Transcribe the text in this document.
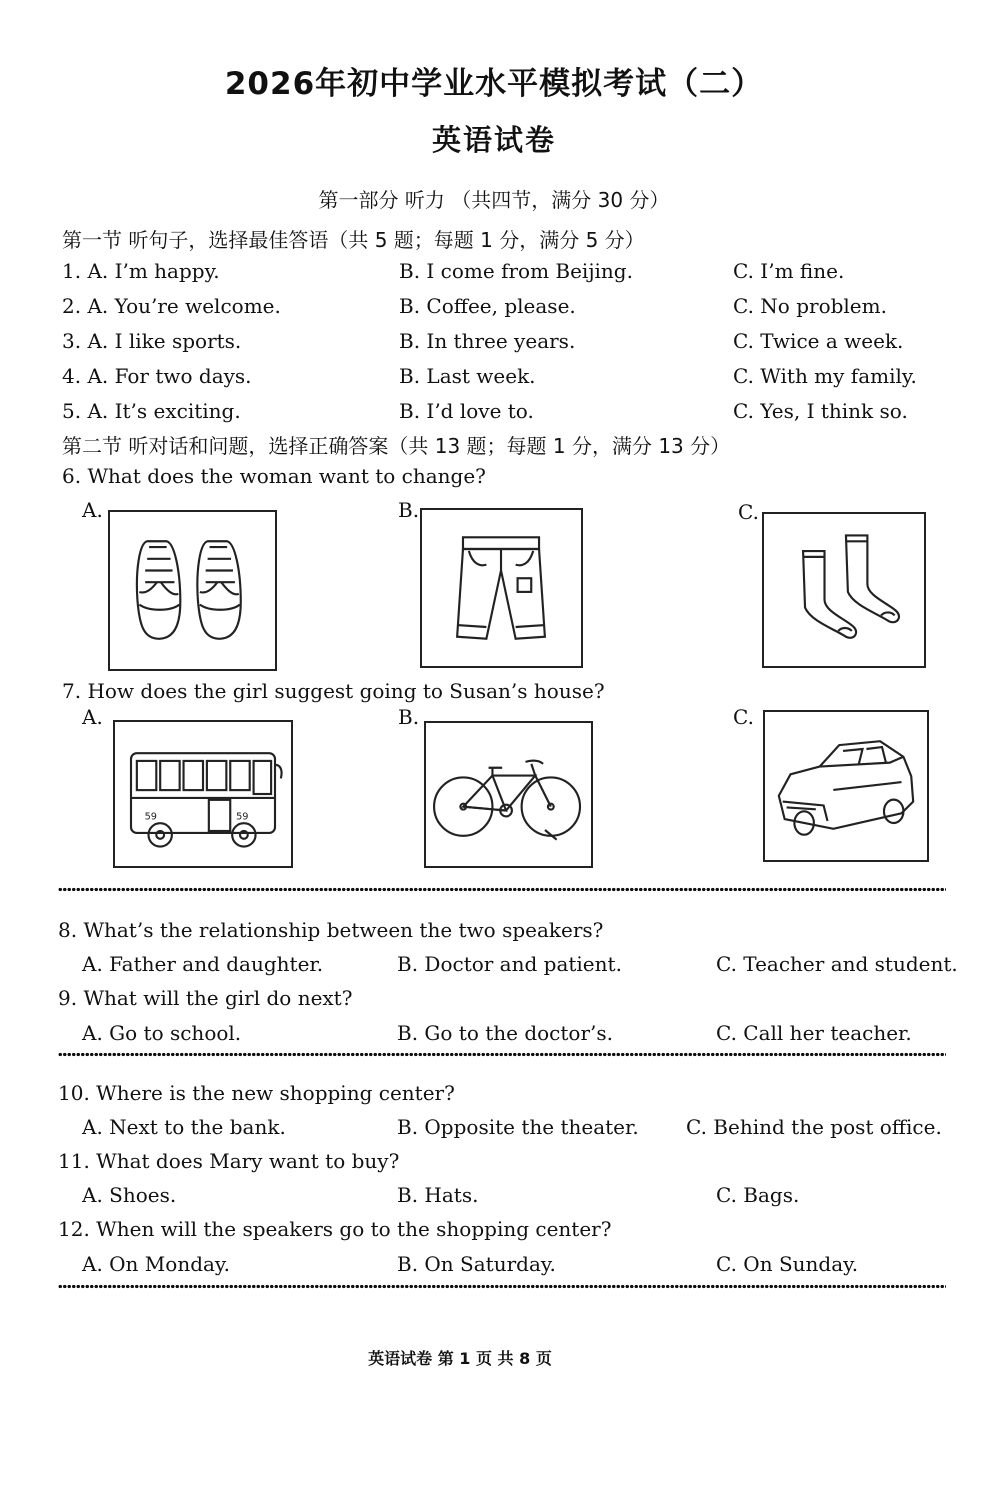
2026年初中学业水平模拟考试（二）
英语试卷
第一部分 听力 （共四节，满分 30 分）
第一节 听句子，选择最佳答语（共 5 题；每题 1 分，满分 5 分）
1. A. I’m happy.	B. I come from Beijing.	C. I’m fine.
2. A. You’re welcome.	B. Coffee, please.	C. No problem.
3. A. I like sports.	B. In three years.	C. Twice a week.
4. A. For two days.	B. Last week.	C. With my family.
5. A. It’s exciting.	B. I’d love to.	C. Yes, I think so.
第二节 听对话和问题，选择正确答案（共 13 题；每题 1 分，满分 13 分）
6. What does the woman want to change?
A.	B.	C.
7. How does the girl suggest going to Susan’s house?
A.	B.	C.
59	59
8. What’s the relationship between the two speakers?
A. Father and daughter.	B. Doctor and patient.	C. Teacher and student.
9. What will the girl do next?
A. Go to school.	B. Go to the doctor’s.	C. Call her teacher.
10. Where is the new shopping center?
A. Next to the bank.	B. Opposite the theater. C. Behind the post office.
11. What does Mary want to buy?
A. Shoes.	B. Hats.	C. Bags.
12. When will the speakers go to the shopping center?
A. On Monday.	B. On Saturday.	C. On Sunday.
英语试卷 第 1 页 共 8 页
